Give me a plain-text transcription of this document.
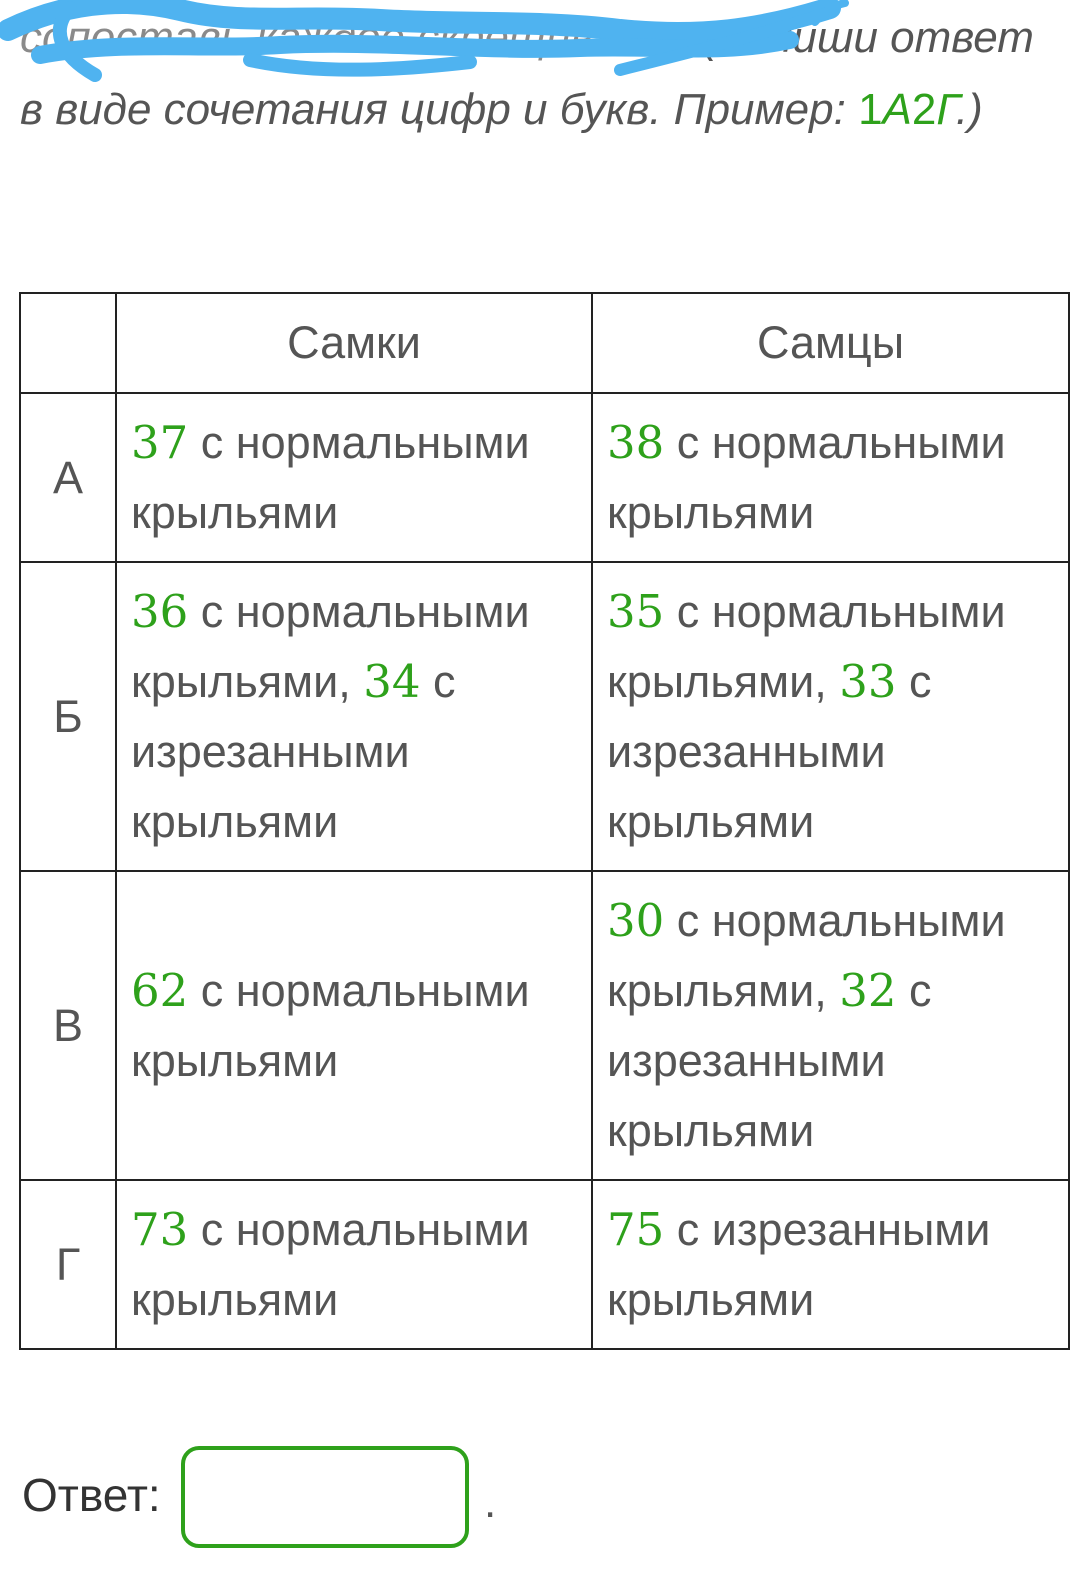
сопоставь каждое скрещивание (Запиши ответ в виде сочетания цифр и букв. Пример: 1А2Г.)

	Самки	Самцы
А	37 с нормальными крыльями	38 с нормальными крыльями
Б	36 с нормальными крыльями, 34 с изрезанными крыльями	35 с нормальными крыльями, 33 с изрезанными крыльями
В	62 с нормальными крыльями	30 с нормальными крыльями, 32 с изрезанными крыльями
Г	73 с нормальными крыльями	75 с изрезанными крыльями
Ответ:	.
